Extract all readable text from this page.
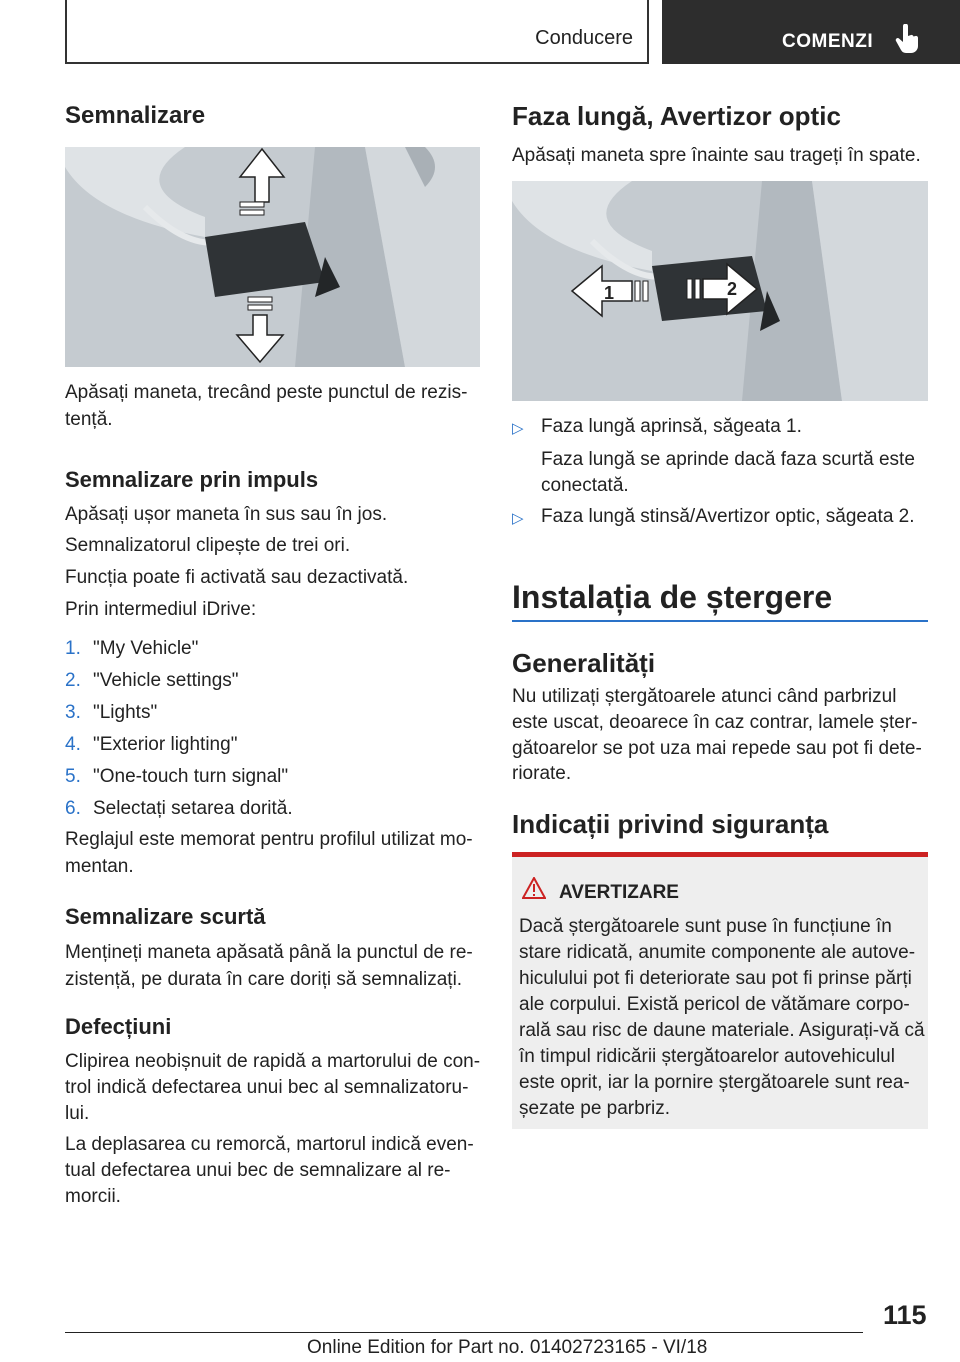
Conducere	COMENZI
Semnalizare
Apăsați maneta, trecând peste punctul de rezis-
tență.
Semnalizare prin impuls
Apăsați ușor maneta în sus sau în jos.
Semnalizatorul clipește de trei ori.
Funcția poate fi activată sau dezactivată.
Prin intermediul iDrive:
1. "My Vehicle"
2. "Vehicle settings"
3. "Lights"
4. "Exterior lighting"
5. "One-touch turn signal"
6. Selectați setarea dorită.
Reglajul este memorat pentru profilul utilizat mo-
mentan.
Semnalizare scurtă
Mențineți maneta apăsată până la punctul de re-
zistență, pe durata în care doriți să semnalizați.
Defecțiuni
Clipirea neobișnuit de rapidă a martorului de con-
trol indică defectarea unui bec al semnalizatoru-
lui.
La deplasarea cu remorcă, martorul indică even-
tual defectarea unui bec de semnalizare al re-
morcii.
Faza lungă, Avertizor optic
Apăsați maneta spre înainte sau trageți în spate.
1	2
▷ Faza lungă aprinsă, săgeata 1.
Faza lungă se aprinde dacă faza scurtă este
conectată.
▷ Faza lungă stinsă/Avertizor optic, săgeata 2.
Instalația de ștergere
Generalități
Nu utilizați ștergătoarele atunci când parbrizul
este uscat, deoarece în caz contrar, lamele șter-
gătoarelor se pot uza mai repede sau pot fi dete-
riorate.
Indicații privind siguranța
AVERTIZARE
Dacă ștergătoarele sunt puse în funcțiune în
stare ridicată, anumite componente ale autove-
hiculului pot fi deteriorate sau pot fi prinse părți
ale corpului. Există pericol de vătămare corpo-
rală sau risc de daune materiale. Asigurați-vă că
în timpul ridicării ștergătoarelor autovehiculul
este oprit, iar la pornire ștergătoarele sunt rea-
șezate pe parbriz.
115
Online Edition for Part no. 01402723165 - VI/18
